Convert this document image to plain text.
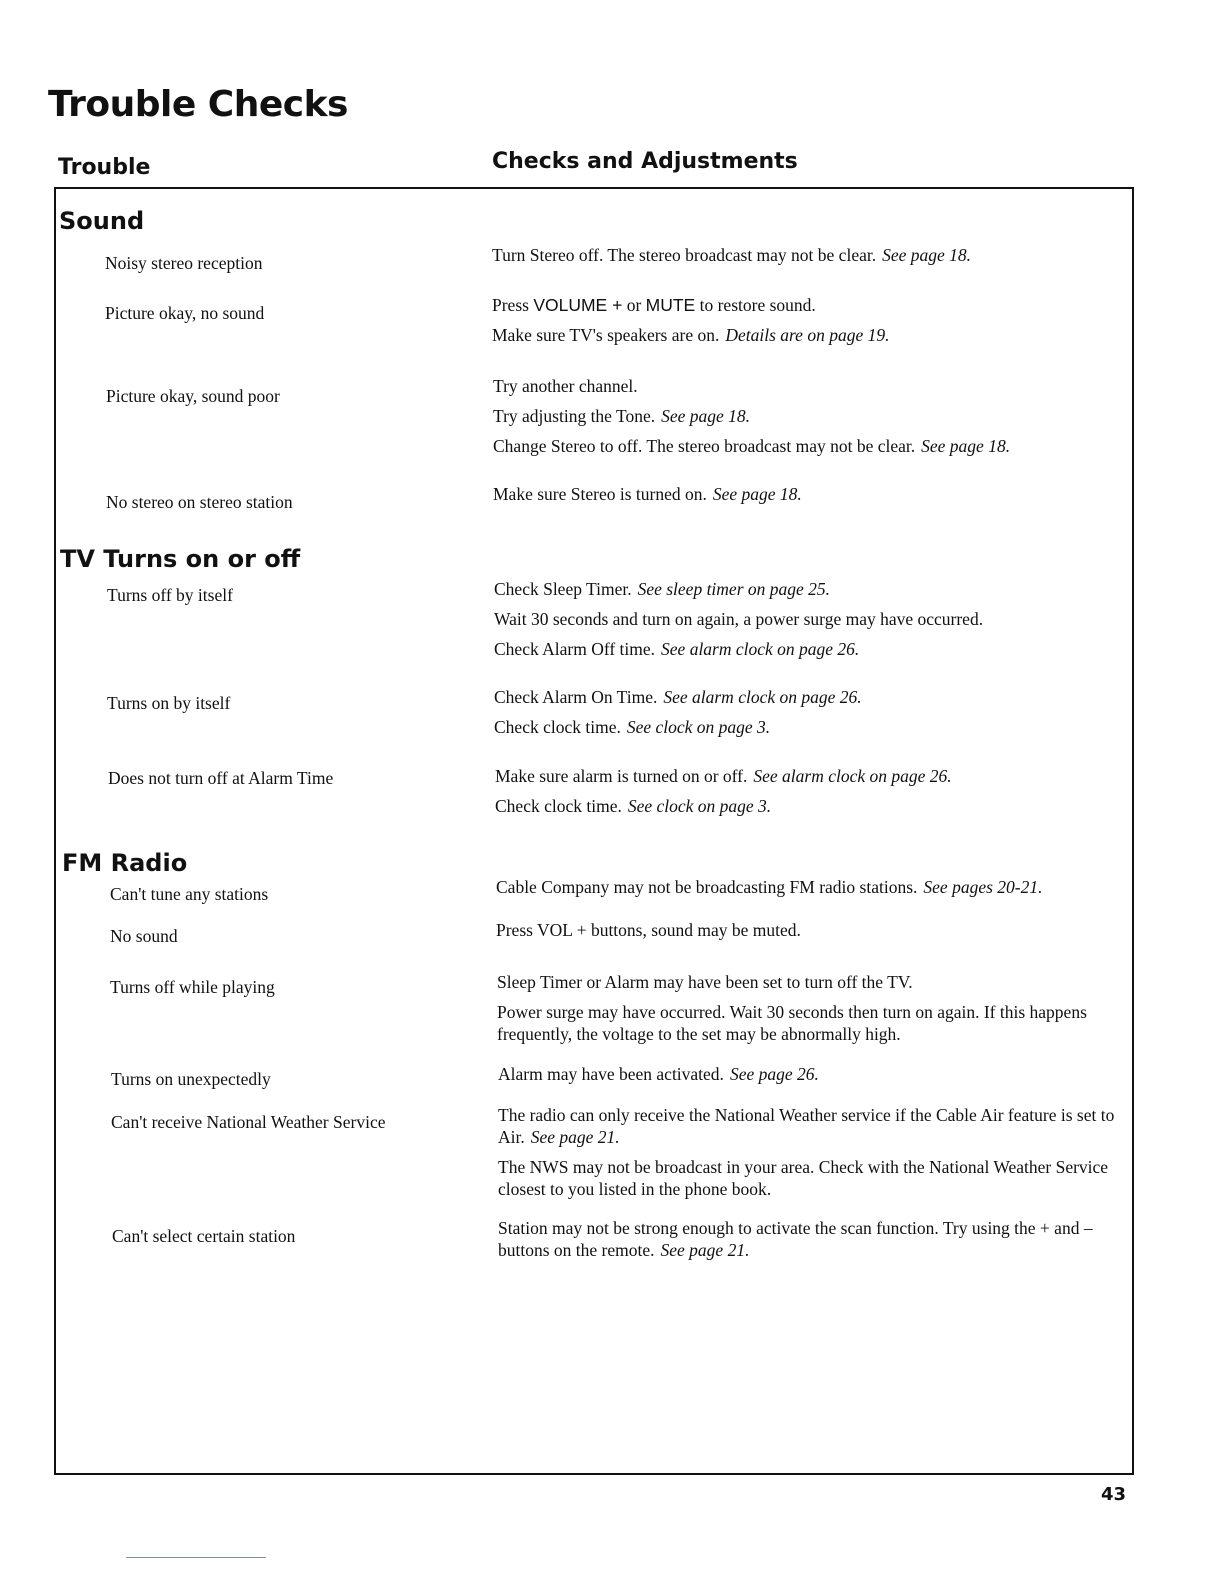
Trouble Checks
Trouble	Checks and Adjustments
Sound
Noisy stereo reception	Turn Stereo off. The stereo broadcast may not be clear. See page 18.
Picture okay, no sound	Press VOLUME + or MUTE to restore sound.
Make sure TV's speakers are on. Details are on page 19.
Picture okay, sound poor	Try another channel.
Try adjusting the Tone. See page 18.
Change Stereo to off. The stereo broadcast may not be clear. See page 18.
No stereo on stereo station	Make sure Stereo is turned on. See page 18.
TV Turns on or off
Turns off by itself	Check Sleep Timer. See sleep timer on page 25.
Wait 30 seconds and turn on again, a power surge may have occurred.
Check Alarm Off time. See alarm clock on page 26.
Turns on by itself	Check Alarm On Time. See alarm clock on page 26.
Check clock time. See clock on page 3.
Does not turn off at Alarm Time	Make sure alarm is turned on or off. See alarm clock on page 26.
Check clock time. See clock on page 3.
FM Radio
Can't tune any stations	Cable Company may not be broadcasting FM radio stations. See pages 20-21.
No sound	Press VOL + buttons, sound may be muted.
Turns off while playing	Sleep Timer or Alarm may have been set to turn off the TV.
Power surge may have occurred. Wait 30 seconds then turn on again. If this happens frequently, the voltage to the set may be abnormally high.
Turns on unexpectedly	Alarm may have been activated. See page 26.
Can't receive National Weather Service	The radio can only receive the National Weather service if the Cable Air feature is set to Air. See page 21.
The NWS may not be broadcast in your area. Check with the National Weather Service closest to you listed in the phone book.
Can't select certain station	Station may not be strong enough to activate the scan function. Try using the + and – buttons on the remote. See page 21.
43
